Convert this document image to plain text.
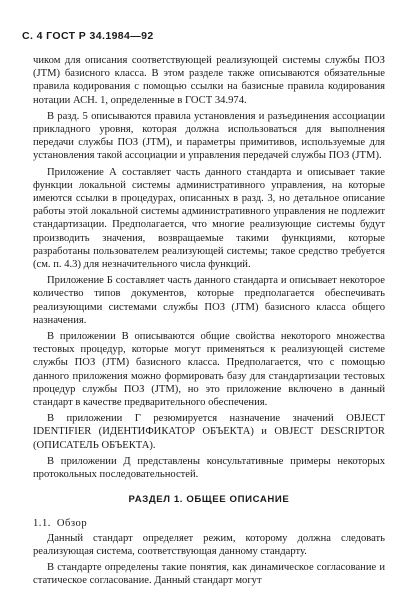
С. 4 ГОСТ Р 34.1984—92

чиком для описания соответствующей реализующей системы службы ПОЗ (JTM) базисного класса. В этом разделе также описываются обязательные правила кодирования с помощью ссылки на базисные правила кодирования нотации АСН. 1, определенные в ГОСТ 34.974.

В разд. 5 описываются правила установления и разъединения ассоциации прикладного уровня, которая должна использоваться для выполнения передачи службы ПОЗ (JTM), и параметры примитивов, используемые для установления такой ассоциации и управления передачей службы ПОЗ (JTM).

Приложение А составляет часть данного стандарта и описывает такие функции локальной системы административного управления, на которые имеются ссылки в процедурах, описанных в разд. 3, но детальное описание работы этой локальной системы административного управления не подлежит стандартизации. Предполагается, что многие реализующие системы будут производить значения, возвращаемые такими функциями, которые разработаны пользователем реализующей системы; такое средство требуется (см. п. 4.3) для незначительного числа функций.

Приложение Б составляет часть данного стандарта и описывает некоторое количество типов документов, которые предполагается обеспечивать реализующими системами службы ПОЗ (JTM) базисного класса общего назначения.

В приложении В описываются общие свойства некоторого множества тестовых процедур, которые могут применяться к реализующей системе службы ПОЗ (JTM) базисного класса. Предполагается, что с помощью данного приложения можно формировать базу для стандартизации тестовых процедур службы ПОЗ (JTM), но это приложение включено в данный стандарт в качестве предварительного обеспечения.

В приложении Г резюмируется назначение значений OBJECT IDENTIFIER (ИДЕНТИФИКАТОР ОБЪЕКТА) и OBJECT DESCRIPTOR (ОПИСАТЕЛЬ ОБЪЕКТА).

В приложении Д представлены консультативные примеры некоторых протокольных последовательностей.

РАЗДЕЛ 1. ОБЩЕЕ ОПИСАНИЕ
1.1. Обзор

Данный стандарт определяет режим, которому должна следовать реализующая система, соответствующая данному стандарту.

В стандарте определены такие понятия, как динамическое согласование и статическое согласование. Данный стандарт могут
